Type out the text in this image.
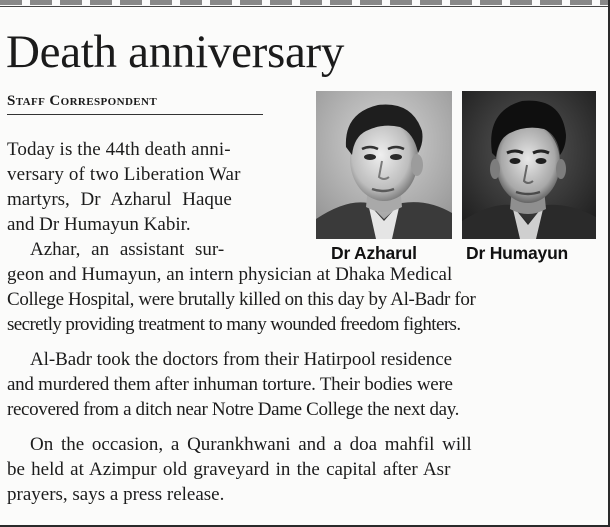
Death anniversary
Staff Correspondent
Dr Azharul	Dr Humayun
Today is the 44th death anni-
versary of two Liberation War
martyrs, Dr Azharul Haque
and Dr Humayun Kabir.
Azhar, an assistant sur-
geon and Humayun, an intern physician at Dhaka Medical
College Hospital, were brutally killed on this day by Al-Badr for
secretly providing treatment to many wounded freedom fighters.
Al-Badr took the doctors from their Hatirpool residence
and murdered them after inhuman torture. Their bodies were
recovered from a ditch near Notre Dame College the next day.
On the occasion, a Qurankhwani and a doa mahfil will
be held at Azimpur old graveyard in the capital after Asr
prayers, says a press release.
